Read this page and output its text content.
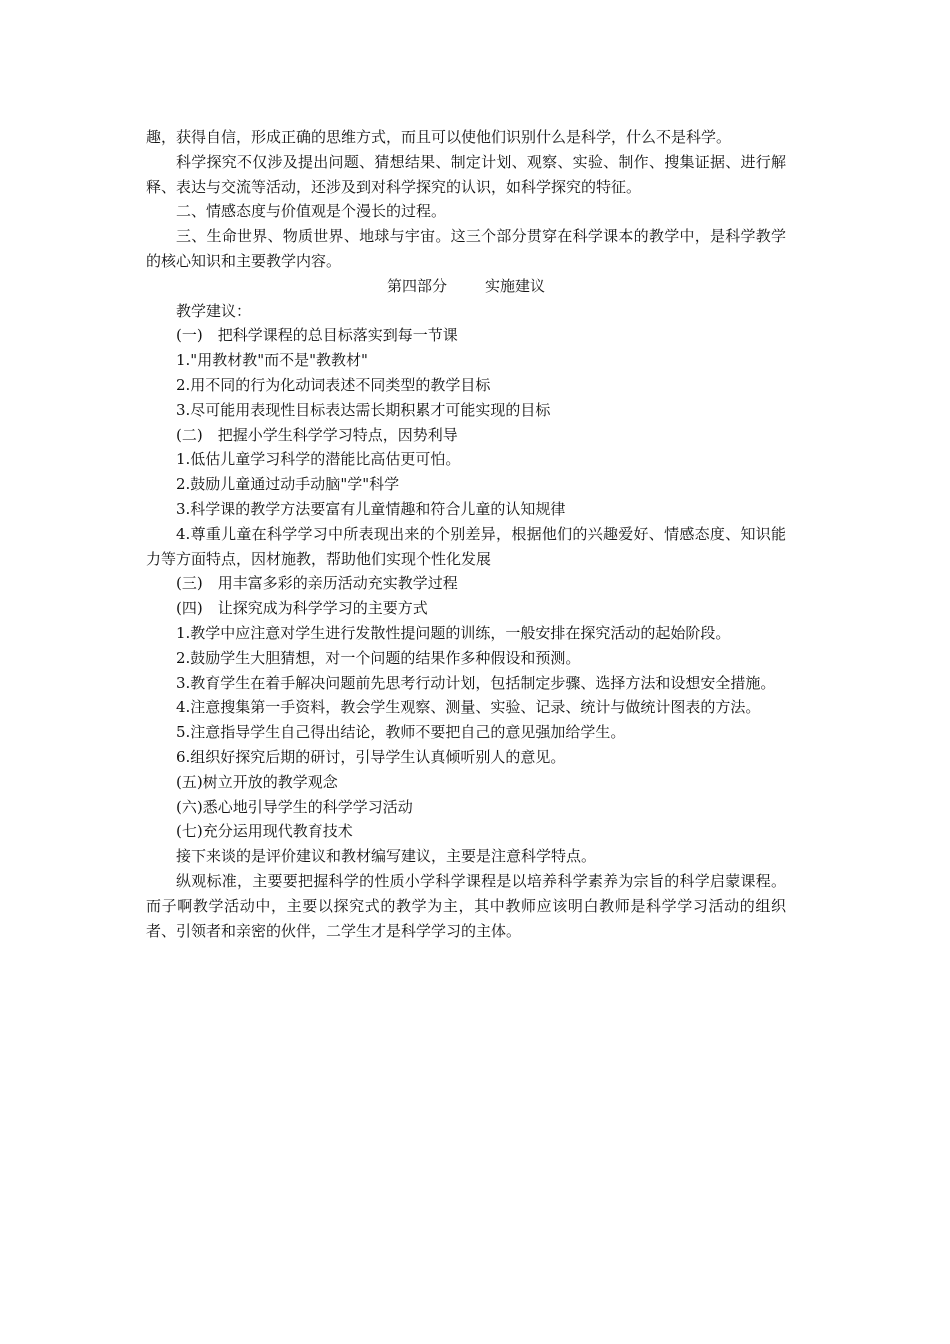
趣，获得自信，形成正确的思维方式，而且可以使他们识别什么是科学，什么不是科学。

科学探究不仅涉及提出问题、猜想结果、制定计划、观察、实验、制作、搜集证据、进行解释、表达与交流等活动，还涉及到对科学探究的认识，如科学探究的特征。

二、情感态度与价值观是个漫长的过程。

三、生命世界、物质世界、地球与宇宙。这三个部分贯穿在科学课本的教学中，是科学教学的核心知识和主要教学内容。

第四部分	实施建议

教学建议：

(一)　把科学课程的总目标落实到每一节课

1."用教材教"而不是"教教材"

2.用不同的行为化动词表述不同类型的教学目标

3.尽可能用表现性目标表达需长期积累才可能实现的目标

(二)　把握小学生科学学习特点，因势利导

1.低估儿童学习科学的潜能比高估更可怕。

2.鼓励儿童通过动手动脑"学"科学

3.科学课的教学方法要富有儿童情趣和符合儿童的认知规律

4.尊重儿童在科学学习中所表现出来的个别差异，根据他们的兴趣爱好、情感态度、知识能力等方面特点，因材施教，帮助他们实现个性化发展

(三)　用丰富多彩的亲历活动充实教学过程

(四)　让探究成为科学学习的主要方式

1.教学中应注意对学生进行发散性提问题的训练，一般安排在探究活动的起始阶段。

2.鼓励学生大胆猜想，对一个问题的结果作多种假设和预测。

3.教育学生在着手解决问题前先思考行动计划，包括制定步骤、选择方法和设想安全措施。

4.注意搜集第一手资料，教会学生观察、测量、实验、记录、统计与做统计图表的方法。

5.注意指导学生自己得出结论，教师不要把自己的意见强加给学生。

6.组织好探究后期的研讨，引导学生认真倾听别人的意见。

(五)树立开放的教学观念

(六)悉心地引导学生的科学学习活动

(七)充分运用现代教育技术

接下来谈的是评价建议和教材编写建议，主要是注意科学特点。

纵观标准，主要要把握科学的性质小学科学课程是以培养科学素养为宗旨的科学启蒙课程。而子啊教学活动中，主要以探究式的教学为主，其中教师应该明白教师是科学学习活动的组织者、引领者和亲密的伙伴，二学生才是科学学习的主体。
